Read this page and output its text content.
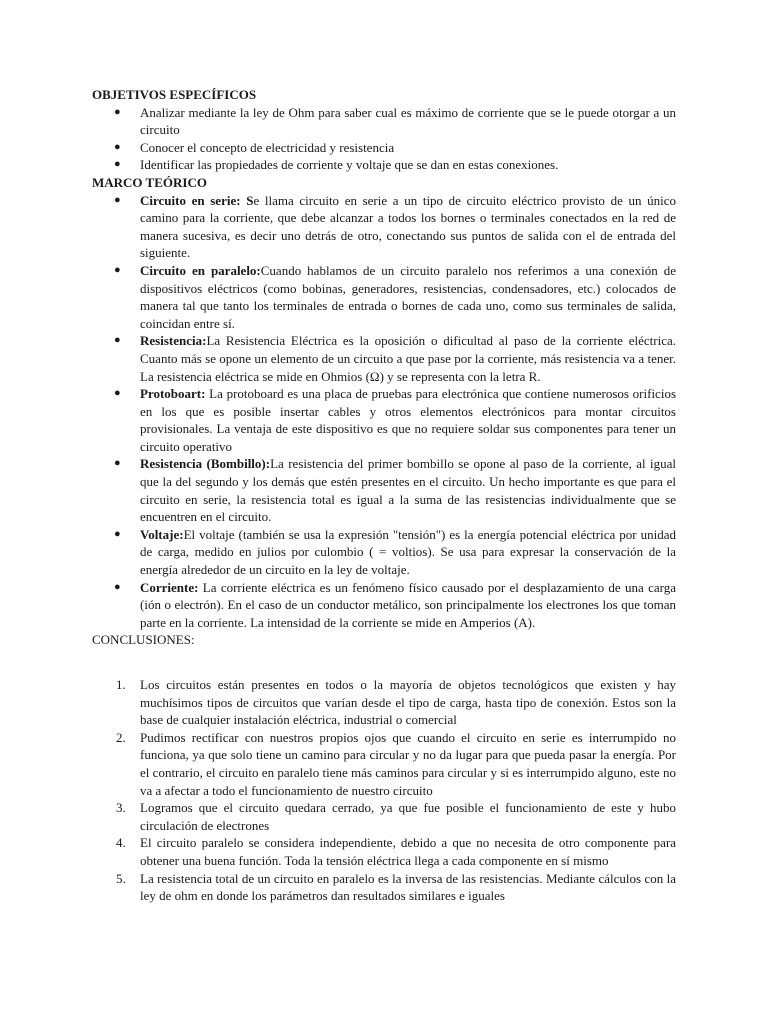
OBJETIVOS ESPECÍFICOS
● Analizar mediante la ley de Ohm para saber cual es máximo de corriente que se le puede otorgar a un circuito
● Conocer el concepto de electricidad y resistencia
● Identificar las propiedades de corriente y voltaje que se dan en estas conexiones.
MARCO TEÓRICO
● Circuito en serie: Se llama circuito en serie a un tipo de circuito eléctrico provisto de un único camino para la corriente, que debe alcanzar a todos los bornes o terminales conectados en la red de manera sucesiva, es decir uno detrás de otro, conectando sus puntos de salida con el de entrada del siguiente.
● Circuito en paralelo:Cuando hablamos de un circuito paralelo nos referimos a una conexión de dispositivos eléctricos (como bobinas, generadores, resistencias, condensadores, etc.) colocados de manera tal que tanto los terminales de entrada o bornes de cada uno, como sus terminales de salida, coincidan entre sí.
● Resistencia:La Resistencia Eléctrica es la oposición o dificultad al paso de la corriente eléctrica. Cuanto más se opone un elemento de un circuito a que pase por la corriente, más resistencia va a tener. La resistencia eléctrica se mide en Ohmios (Ω) y se representa con la letra R.
● Protoboart: La protoboard es una placa de pruebas para electrónica que contiene numerosos orificios en los que es posible insertar cables y otros elementos electrónicos para montar circuitos provisionales. La ventaja de este dispositivo es que no requiere soldar sus componentes para tener un circuito operativo
● Resistencia (Bombillo):La resistencia del primer bombillo se opone al paso de la corriente, al igual que la del segundo y los demás que estén presentes en el circuito. Un hecho importante es que para el circuito en serie, la resistencia total es igual a la suma de las resistencias individualmente que se encuentren en el circuito.
● Voltaje:El voltaje (también se usa la expresión "tensión") es la energía potencial eléctrica por unidad de carga, medido en julios por culombio ( = voltios). Se usa para expresar la conservación de la energía alrededor de un circuito en la ley de voltaje.
● Corriente: La corriente eléctrica es un fenómeno físico causado por el desplazamiento de una carga (ión o electrón). En el caso de un conductor metálico, son principalmente los electrones los que toman parte en la corriente. La intensidad de la corriente se mide en Amperios (A).
CONCLUSIONES:
1. Los circuitos están presentes en todos o la mayoría de objetos tecnológicos que existen y hay muchísimos tipos de circuitos que varían desde el tipo de carga, hasta tipo de conexión. Estos son la base de cualquier instalación eléctrica, industrial o comercial
2. Pudimos rectificar con nuestros propios ojos que cuando el circuito en serie es interrumpido no funciona, ya que solo tiene un camino para circular y no da lugar para que pueda pasar la energía. Por el contrario, el circuito en paralelo tiene más caminos para circular y si es interrumpido alguno, este no va a afectar a todo el funcionamiento de nuestro circuito
3. Logramos que el circuito quedara cerrado, ya que fue posible el funcionamiento de este y hubo circulación de electrones
4. El circuito paralelo se considera independiente, debido a que no necesita de otro componente para obtener una buena función. Toda la tensión eléctrica llega a cada componente en sí mismo
5. La resistencia total de un circuito en paralelo es la inversa de las resistencias. Mediante cálculos con la ley de ohm en donde los parámetros dan resultados similares e iguales
